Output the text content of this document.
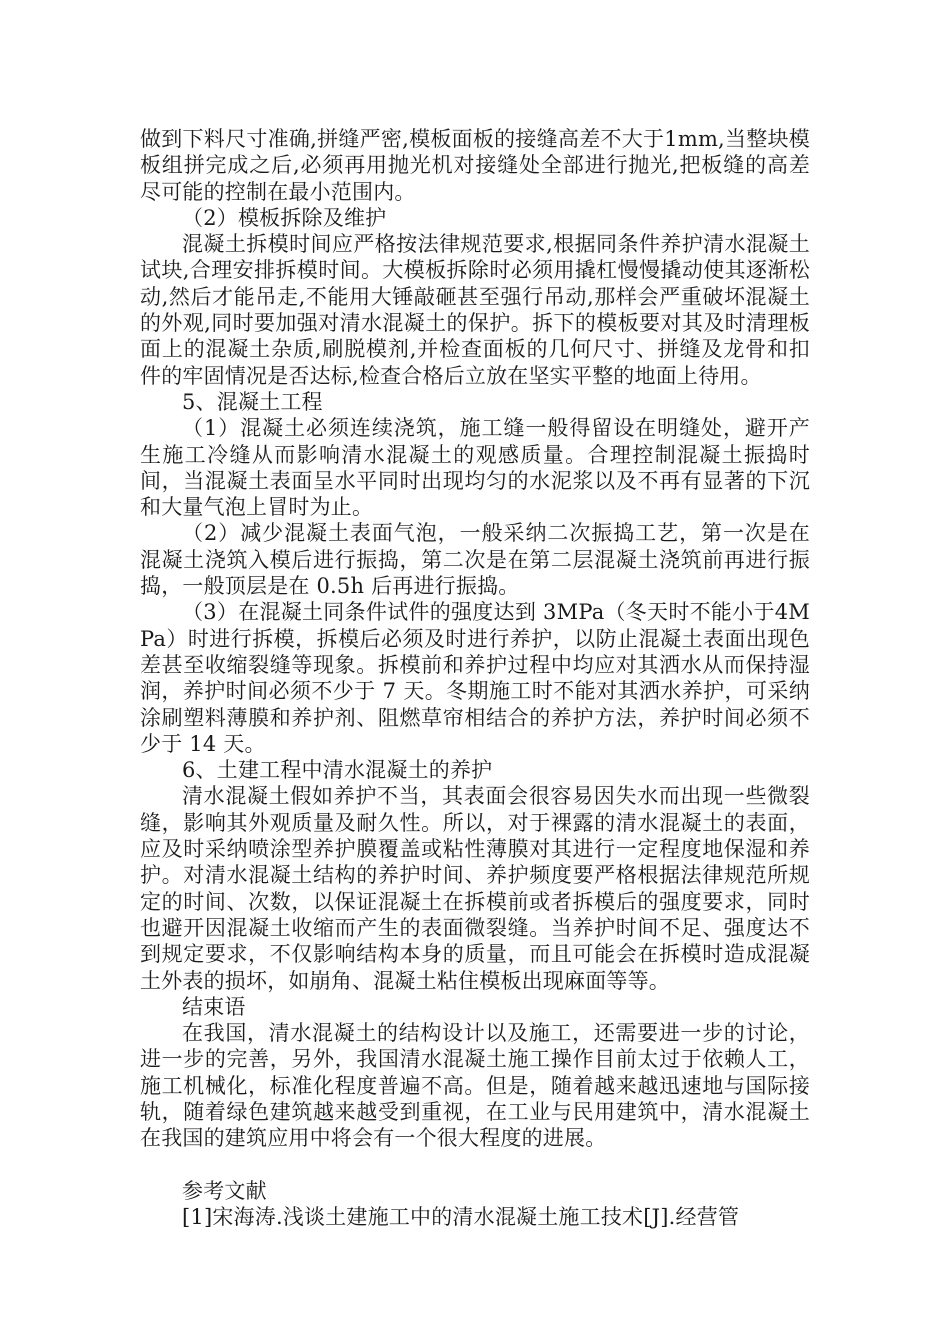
做到下料尺寸准确,拼缝严密,模板面板的接缝高差不大于1mm,当整块模板组拼完成之后,必须再用抛光机对接缝处全部进行抛光,把板缝的高差尽可能的控制在最小范围内。

（2）模板拆除及维护

混凝土拆模时间应严格按法律规范要求,根据同条件养护清水混凝土试块,合理安排拆模时间。大模板拆除时必须用撬杠慢慢撬动使其逐渐松动,然后才能吊走,不能用大锤敲砸甚至强行吊动,那样会严重破坏混凝土的外观,同时要加强对清水混凝土的保护。拆下的模板要对其及时清理板面上的混凝土杂质,刷脱模剂,并检查面板的几何尺寸、拼缝及龙骨和扣件的牢固情况是否达标,检查合格后立放在坚实平整的地面上待用。

5、混凝土工程

（1）混凝土必须连续浇筑，施工缝一般得留设在明缝处，避开产生施工冷缝从而影响清水混凝土的观感质量。合理控制混凝土振捣时间，当混凝土表面呈水平同时出现均匀的水泥浆以及不再有显著的下沉和大量气泡上冒时为止。

（2）减少混凝土表面气泡，一般采纳二次振捣工艺，第一次是在混凝土浇筑入模后进行振捣，第二次是在第二层混凝土浇筑前再进行振捣，一般顶层是在 0.5h 后再进行振捣。

（3）在混凝土同条件试件的强度达到 3MPa（冬天时不能小于4MPa）时进行拆模，拆模后必须及时进行养护，以防止混凝土表面出现色差甚至收缩裂缝等现象。拆模前和养护过程中均应对其洒水从而保持湿润，养护时间必须不少于 7 天。冬期施工时不能对其洒水养护，可采纳涂刷塑料薄膜和养护剂、阻燃草帘相结合的养护方法，养护时间必须不少于 14 天。

6、土建工程中清水混凝土的养护

清水混凝土假如养护不当，其表面会很容易因失水而出现一些微裂缝，影响其外观质量及耐久性。所以，对于裸露的清水混凝土的表面，应及时采纳喷涂型养护膜覆盖或粘性薄膜对其进行一定程度地保湿和养护。对清水混凝土结构的养护时间、养护频度要严格根据法律规范所规定的时间、次数，以保证混凝土在拆模前或者拆模后的强度要求，同时也避开因混凝土收缩而产生的表面微裂缝。当养护时间不足、强度达不到规定要求，不仅影响结构本身的质量，而且可能会在拆模时造成混凝土外表的损坏，如崩角、混凝土粘住模板出现麻面等等。

结束语

在我国，清水混凝土的结构设计以及施工，还需要进一步的讨论，进一步的完善，另外，我国清水混凝土施工操作目前太过于依赖人工，施工机械化，标准化程度普遍不高。但是，随着越来越迅速地与国际接轨，随着绿色建筑越来越受到重视，在工业与民用建筑中，清水混凝土在我国的建筑应用中将会有一个很大程度的进展。

参考文献

[1]宋海涛.浅谈土建施工中的清水混凝土施工技术[J].经营管
